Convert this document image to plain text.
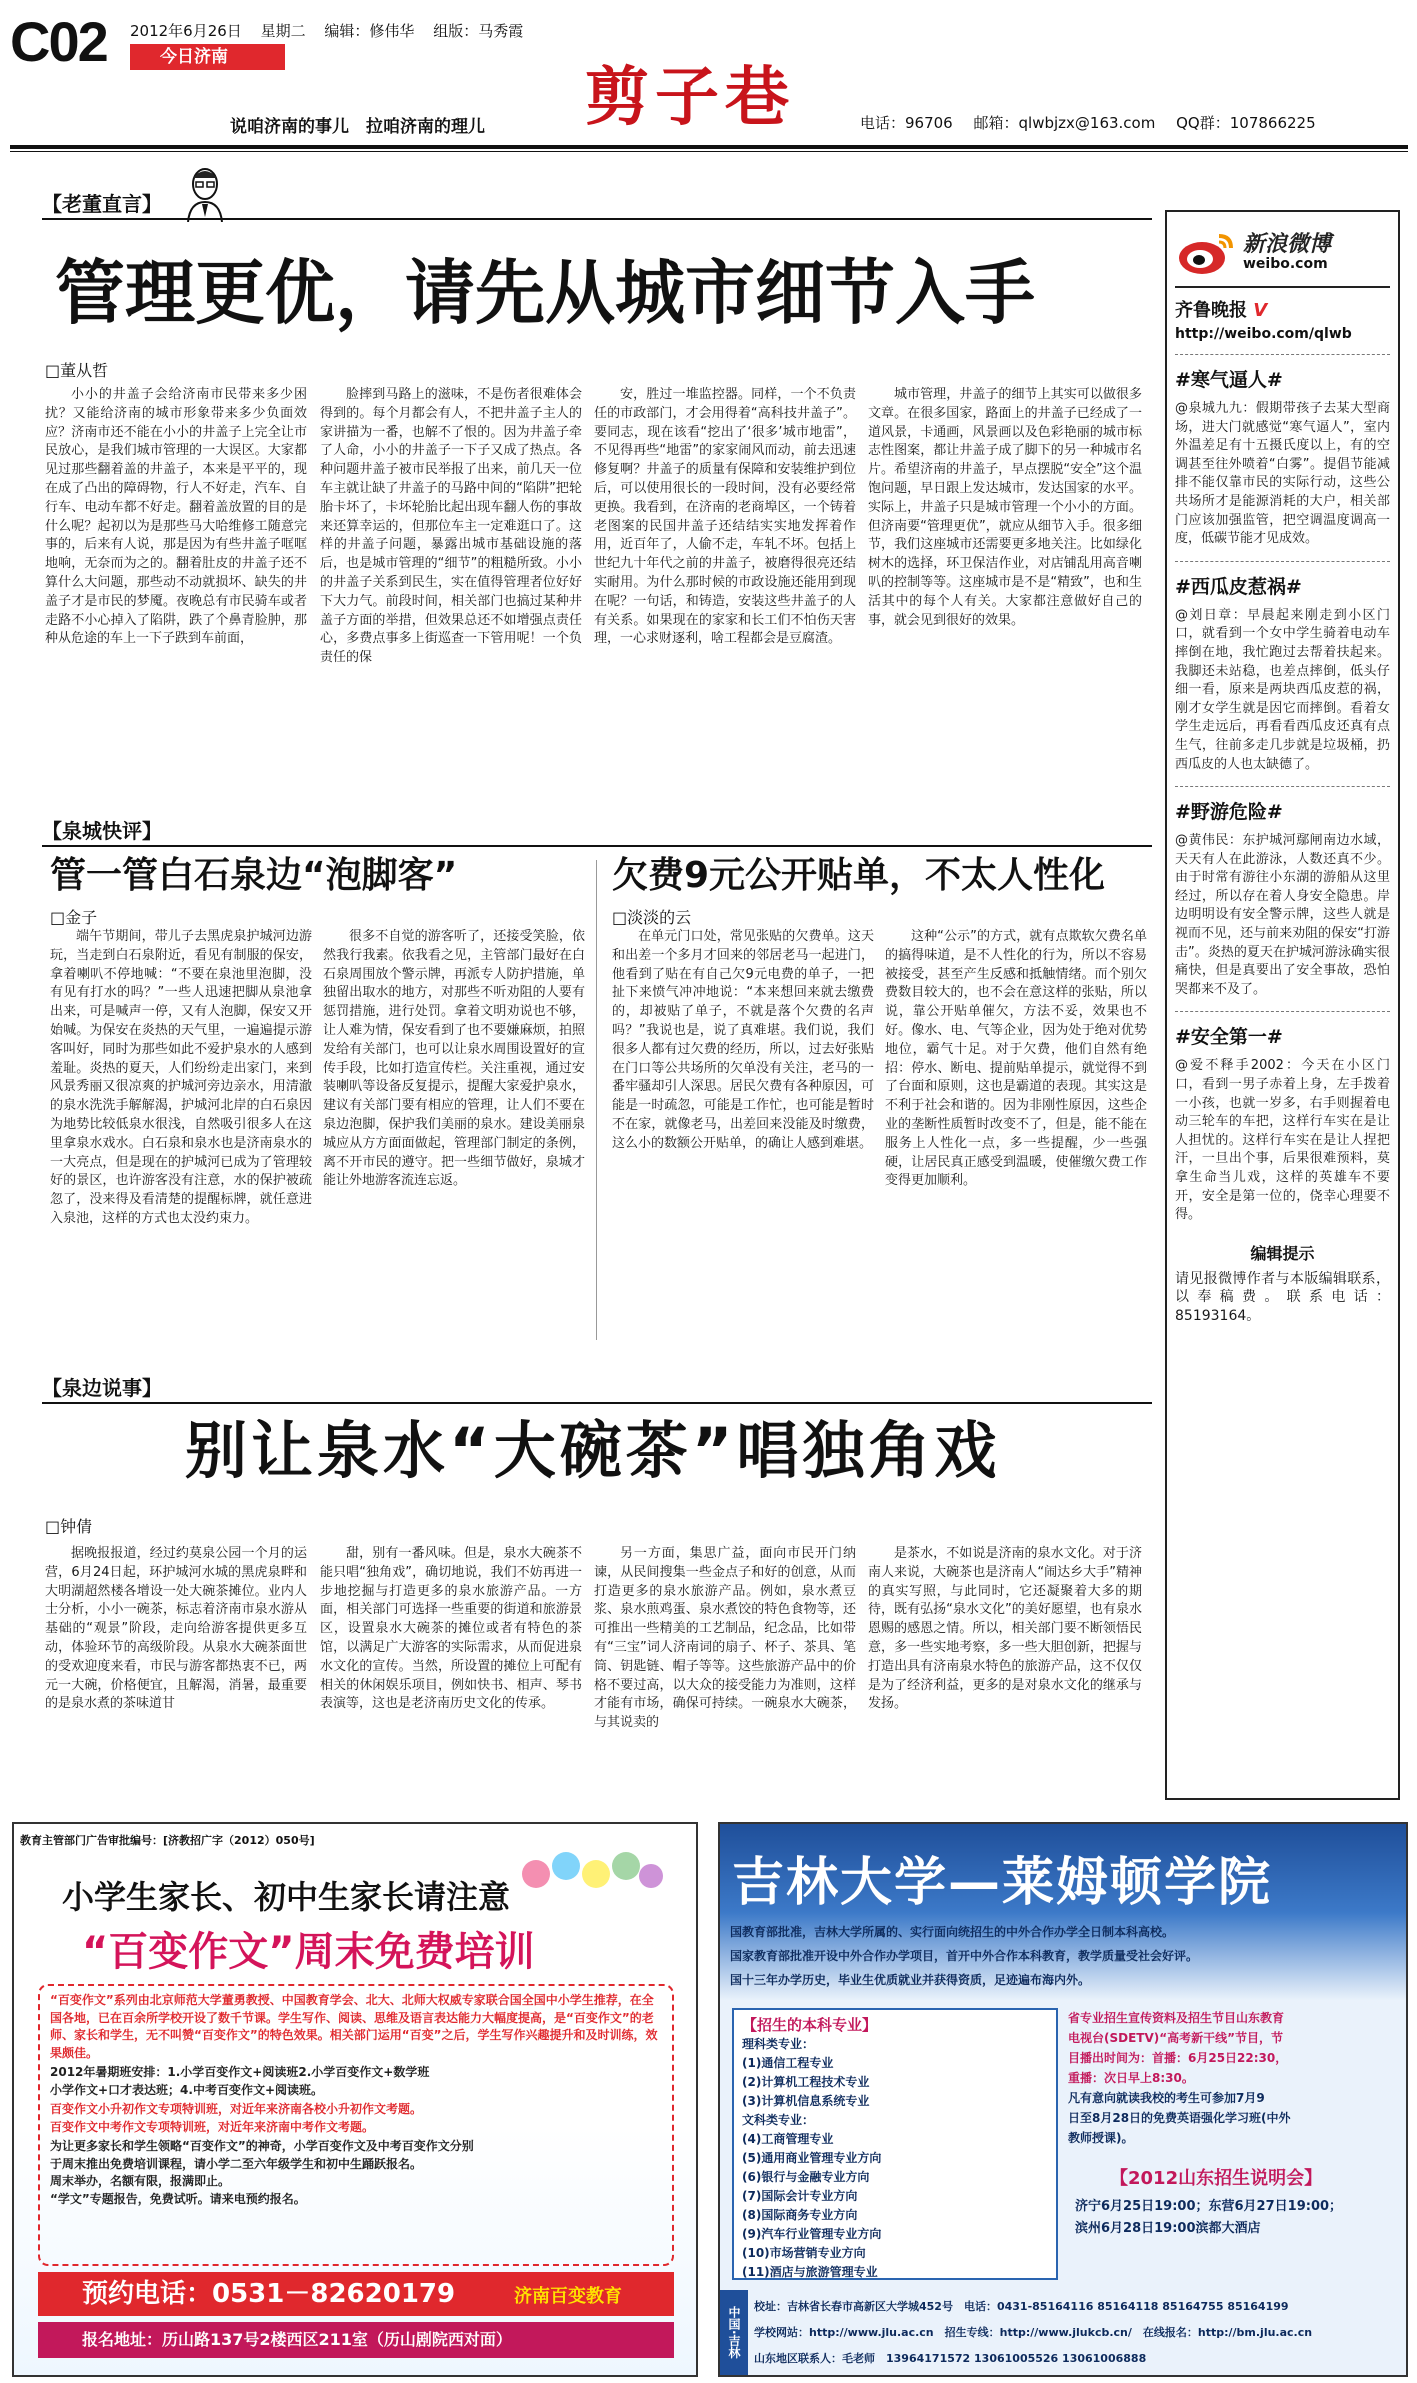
C02 2012年6月26日 星期二 编辑：修伟华 组版：马秀霞
今日济南
说咱济南的事儿　拉咱济南的理儿 剪子巷	电话：96706 邮箱：qlwbjzx@163.com QQ群：107866225
【老董直言】
管理更优，请先从城市细节入手
□董从哲
小小的井盖子会给济南市民带来多少困扰？又能给济南的城市形象带来多少负面效应？济南市还不能在小小的井盖子上完全让市民放心，是我们城市管理的一大误区。大家都见过那些翻着盖的井盖子，本来是平平的，现在成了凸出的障碍物，行人不好走，汽车、自行车、电动车都不好走。翻着盖放置的目的是什么呢？起初以为是那些马大哈维修工随意完事的，后来有人说，那是因为有些井盖子哐哐地响，无奈而为之的。翻着肚皮的井盖子还不算什么大问题，那些动不动就损坏、缺失的井盖子才是市民的梦魇。夜晚总有市民骑车或者走路不小心掉入了陷阱，跌了个鼻青脸肿，那种从危途的车上一下子跌到车前面，
脸摔到马路上的滋味，不是伤者很难体会得到的。每个月都会有人，不把井盖子主人的家讲描为一番，也解不了恨的。因为井盖子牵了人命，小小的井盖子一下子又成了热点。各种问题井盖子被市民举报了出来，前几天一位车主就让缺了井盖子的马路中间的“陷阱”把轮胎卡坏了，卡坏轮胎比起出现车翻人伤的事故来还算幸运的，但那位车主一定难逛口了。这样的井盖子问题，暴露出城市基础设施的落后，也是城市管理的“细节”的粗糙所致。小小的井盖子关系到民生，实在值得管理者位好好下大力气。前段时间，相关部门也搞过某种井盖子方面的举措，但效果总还不如增强点责任心，多费点事多上街巡查一下管用呢！一个负责任的保
安，胜过一堆监控器。同样，一个不负责任的市政部门，才会用得着“高科技井盖子”。要同志，现在该看“挖出了‘很多’城市地雷”，不见得再些“地雷”的家家闹风而动，前去迅速修复啊？井盖子的质量有保障和安装维护到位后，可以使用很长的一段时间，没有必要经常更换。我看到，在济南的老商埠区，一个铸着老图案的民国井盖子还结结实实地发挥着作用，近百年了，人偷不走，车轧不坏。包括上世纪九十年代之前的井盖子，被磨得很亮还结实耐用。为什么那时候的市政设施还能用到现在呢？一句话，和铸造，安装这些井盖子的人有关系。如果现在的家家和长工们不怕伤天害理，一心求财逐利，啥工程都会是豆腐渣。
城市管理，井盖子的细节上其实可以做很多文章。在很多国家，路面上的井盖子已经成了一道风景，卡通画，风景画以及色彩艳丽的城市标志性图案，都让井盖子成了脚下的另一种城市名片。希望济南的井盖子，早点摆脱“安全”这个温饱问题，早日跟上发达城市，发达国家的水平。实际上，井盖子只是城市管理一个小小的方面。但济南要“管理更优”，就应从细节入手。很多细节，我们这座城市还需要更多地关注。比如绿化树木的选择，环卫保洁作业，对店铺乱用高音喇叭的控制等等。这座城市是不是“精致”，也和生活其中的每个人有关。大家都注意做好自己的事，就会见到很好的效果。
【泉城快评】
管一管白石泉边“泡脚客”
□金子
端午节期间，带儿子去黑虎泉护城河边游玩，当走到白石泉附近，看见有制服的保安，拿着喇叭不停地喊：“不要在泉池里泡脚，没有见有打水的吗？”一些人迅速把脚从泉池拿出来，可是喊声一停，又有人泡脚，保安又开始喊。为保安在炎热的天气里，一遍遍提示游客叫好，同时为那些如此不爱护泉水的人感到羞耻。炎热的夏天，人们纷纷走出家门，来到风景秀丽又很凉爽的护城河旁边亲水，用清澈的泉水洗洗手解解渴，护城河北岸的白石泉因为地势比较低泉水很浅，自然吸引很多人在这里拿泉水戏水。白石泉和泉水也是济南泉水的一大亮点，但是现在的护城河已成为了管理较好的景区，也许游客没有注意，水的保护被疏忽了，没来得及看清楚的提醒标牌，就任意进入泉池，这样的方式也太没约束力。
很多不自觉的游客听了，还接受笑脸，依然我行我素。依我看之见，主管部门最好在白石泉周围放个警示牌，再派专人防护措施，单独留出取水的地方，对那些不听劝阻的人要有惩罚措施，进行处罚。拿着文明劝说也不够，让人难为情，保安看到了也不要嫌麻烦，拍照发给有关部门，也可以让泉水周围设置好的宣传手段，比如打造宣传栏。关注重视，通过安装喇叭等设备反复提示，提醒大家爱护泉水，建议有关部门要有相应的管理，让人们不要在泉边泡脚，保护我们美丽的泉水。建设美丽泉城应从方方面面做起，管理部门制定的条例，离不开市民的遵守。把一些细节做好，泉城才能让外地游客流连忘返。
欠费9元公开贴单，不太人性化
□淡淡的云
在单元门口处，常见张贴的欠费单。这天和出差一个多月才回来的邻居老马一起进门，他看到了贴在有自己欠9元电费的单子，一把扯下来愤气冲冲地说：“本来想回来就去缴费的，却被贴了单子，不就是落个欠费的名声吗？”我说也是，说了真难堪。我们说，我们很多人都有过欠费的经历，所以，过去好张贴在门口等公共场所的欠单没有关注，老马的一番牢骚却引人深思。居民欠费有各种原因，可能是一时疏忽，可能是工作忙，也可能是暂时不在家，就像老马，出差回来没能及时缴费，这么小的数额公开贴单，的确让人感到难堪。
这种“公示”的方式，就有点欺软欠费名单的搞得味道，是不人性化的行为，所以不容易被接受，甚至产生反感和抵触情绪。而个别欠费数目较大的，也不会在意这样的张贴，所以说，靠公开贴单催欠，方法不妥，效果也不好。像水、电、气等企业，因为处于绝对优势地位，霸气十足。对于欠费，他们自然有绝招：停水、断电、提前贴单提示，就觉得不到了台面和原则，这也是霸道的表现。其实这是不利于社会和谐的。因为非刚性原因，这些企业的垄断性质暂时改变不了，但是，能不能在服务上人性化一点，多一些提醒，少一些强硬，让居民真正感受到温暖，使催缴欠费工作变得更加顺利。
【泉边说事】
别让泉水“大碗茶”唱独角戏
□钟倩
据晚报报道，经过约莫泉公园一个月的运营，6月24日起，环护城河水城的黑虎泉畔和大明湖超然楼各增设一处大碗茶摊位。业内人士分析，小小一碗茶，标志着济南市泉水游从基础的“观景”阶段，走向给游客提供更多互动，体验环节的高级阶段。从泉水大碗茶面世的受欢迎度来看，市民与游客都热衷不已，两元一大碗，价格便宜，且解渴，消暑，最重要的是泉水煮的茶味道甘
甜，别有一番风味。但是，泉水大碗茶不能只唱“独角戏”，确切地说，我们不妨再进一步地挖掘与打造更多的泉水旅游产品。一方面，相关部门可选择一些重要的街道和旅游景区，设置泉水大碗茶的摊位或者有特色的茶馆，以满足广大游客的实际需求，从而促进泉水文化的宣传。当然，所设置的摊位上可配有相关的休闲娱乐项目，例如快书、相声、琴书表演等，这也是老济南历史文化的传承。
另一方面，集思广益，面向市民开门纳谏，从民间搜集一些金点子和好的创意，从而打造更多的泉水旅游产品。例如，泉水煮豆浆、泉水煎鸡蛋、泉水煮饺的特色食物等，还可推出一些精美的工艺制品，纪念品，比如带有“三宝”词人济南词的扇子、杯子、茶具、笔筒、钥匙链、帽子等等。这些旅游产品中的价格不要过高，以大众的接受能力为准则，这样才能有市场，确保可持续。一碗泉水大碗茶，与其说卖的
是茶水，不如说是济南的泉水文化。对于济南人来说，大碗茶也是济南人“闹达乡大手”精神的真实写照，与此同时，它还凝聚着大多的期待，既有弘扬“泉水文化”的美好愿望，也有泉水恩赐的感恩之情。所以，相关部门要不断领悟民意，多一些实地考察，多一些大胆创新，把握与打造出具有济南泉水特色的旅游产品，这不仅仅是为了经济利益，更多的是对泉水文化的继承与发扬。
新浪微博
weibo.com
齐鲁晚报 V
http://weibo.com/qlwb
#寒气逼人#
@泉城九九：假期带孩子去某大型商场，进大门就感觉“寒气逼人”，室内外温差足有十五摄氏度以上，有的空调甚至往外喷着“白雾”。提倡节能减排不能仅靠市民的实际行动，这些公共场所才是能源消耗的大户，相关部门应该加强监管，把空调温度调高一度，低碳节能才见成效。
#西瓜皮惹祸#
@刘日章：早晨起来刚走到小区门口，就看到一个女中学生骑着电动车摔倒在地，我忙跑过去帮着扶起来。我脚还未站稳，也差点摔倒，低头仔细一看，原来是两块西瓜皮惹的祸，刚才女学生就是因它而摔倒。看着女学生走远后，再看看西瓜皮还真有点生气，往前多走几步就是垃圾桶，扔西瓜皮的人也太缺德了。
#野游危险#
@黄伟民：东护城河鄢闸南边水域，天天有人在此游泳，人数还真不少。由于时常有游往小东湖的游船从这里经过，所以存在着人身安全隐患。岸边明明设有安全警示牌，这些人就是视而不见，还与前来劝阻的保安“打游击”。炎热的夏天在护城河游泳确实很痛快，但是真要出了安全事故，恐怕哭都来不及了。
#安全第一#
@爱不释手2002：今天在小区门口，看到一男子赤着上身，左手拨着一小孩，也就一岁多，右手则握着电动三轮车的车把，这样行车实在是让人担忧的。这样行车实在是让人捏把汗，一旦出个事，后果很难预料，莫拿生命当儿戏，这样的英雄车不要开，安全是第一位的，侥幸心理要不得。
编辑提示
请见报微博作者与本版编辑联系，以奉稿费。联系电话：85193164。
教育主管部门广告审批编号：[济教招广字（2012）050号]
小学生家长、初中生家长请注意
“百变作文”周末免费培训
“百变作文”系列由北京师范大学董勇教授、中国教育学会、北大、北师大权威专家联合国全国中小学生推荐，在全国各地，已在百余所学校开设了数千节课。学生写作、阅读、思维及语言表达能力大幅度提高，是“百变作文”的老师、家长和学生，无不叫赞“百变作文”的特色效果。相关部门运用“百变”之后，学生写作兴趣提升和及时训练，效果颇佳。
2012年暑期班安排：1.小学百变作文+阅读班2.小学百变作文+数学班
小学作文+口才表达班；4.中考百变作文+阅读班。
百变作文小升初作文专项特训班，对近年来济南各校小升初作文考题。
百变作文中考作文专项特训班，对近年来济南中考作文考题。
为让更多家长和学生领略“百变作文”的神奇，小学百变作文及中考百变作文分别
于周末推出免费培训课程，请小学二至六年级学生和初中生踊跃报名。
周末举办，名额有限，报满即止。
“学文”专题报告，免费试听。请来电预约报名。
预约电话：0531－82620179	济南百变教育
报名地址：历山路137号2楼西区211室（历山剧院西对面）
吉林大学—莱姆顿学院
国教育部批准，吉林大学所属的、实行面向统招生的中外合作办学全日制本科高校。
国家教育部批准开设中外合作办学项目，首开中外合作本科教育，教学质量受社会好评。
国十三年办学历史，毕业生优质就业并获得资质，足迹遍布海内外。
【招生的本科专业】
理科类专业：
(1)通信工程专业
(2)计算机工程技术专业
(3)计算机信息系统专业
文科类专业：
(4)工商管理专业
(5)通用商业管理专业方向
(6)银行与金融专业方向
(7)国际会计专业方向
(8)国际商务专业方向
(9)汽车行业管理专业方向
(10)市场营销专业方向
(11)酒店与旅游管理专业
省专业招生宣传资料及招生节目山东教育
电视台(SDETV)“高考新干线”节目，节
目播出时间为：首播：6月25日22:30，
重播：次日早上8:30。
凡有意向就读我校的考生可参加7月9
日至8月28日的免费英语强化学习班(中外
教师授课)。
【2012山东招生说明会】
济宁6月25日19:00；东营6月27日19:00；
滨州6月28日19:00滨都大酒店
中国·吉林	校址：吉林省长春市高新区大学城452号　电话：0431-85164116 85164118 85164755 85164199
学校网站：http://www.jlu.ac.cn　招生专线：http://www.jlukcb.cn/　在线报名：http://bm.jlu.ac.cn
山东地区联系人：毛老师　13964171572 13061005526 13061006888
